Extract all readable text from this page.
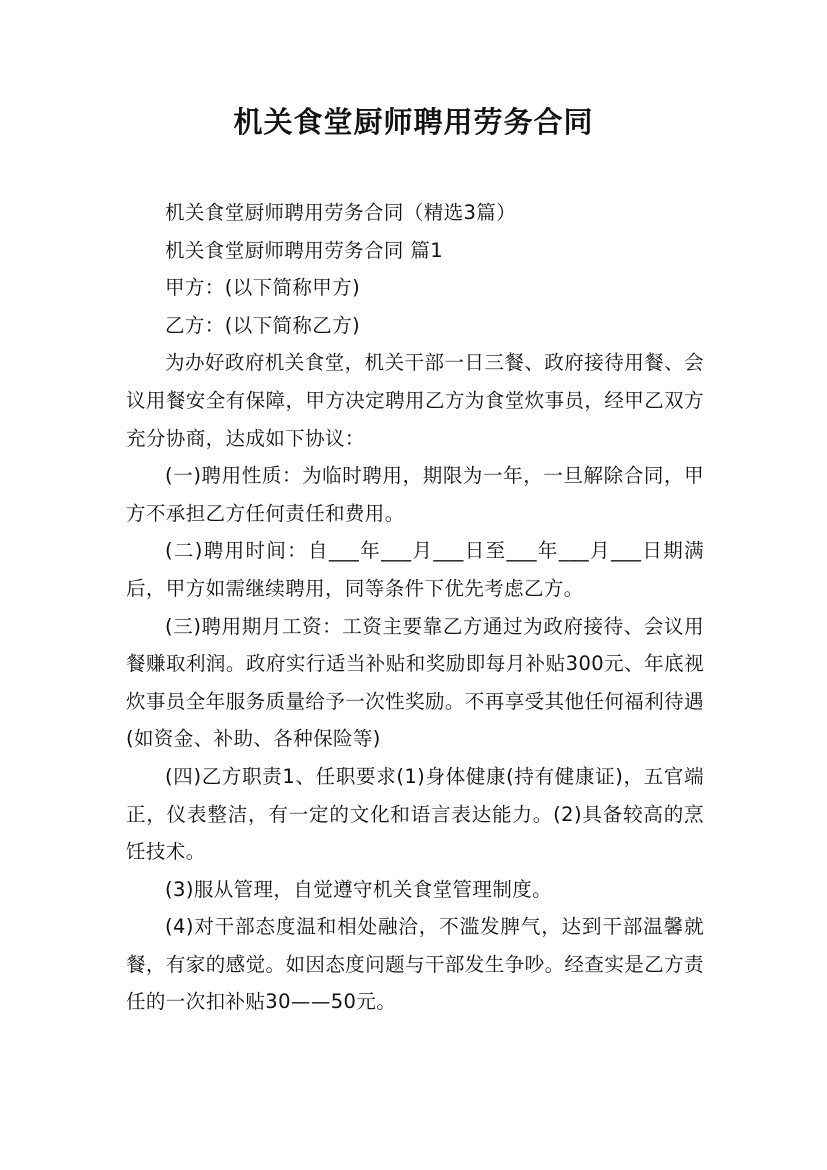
机关食堂厨师聘用劳务合同

机关食堂厨师聘用劳务合同（精选3篇）

机关食堂厨师聘用劳务合同 篇1

甲方：(以下简称甲方)

乙方：(以下简称乙方)

为办好政府机关食堂，机关干部一日三餐、政府接待用餐、会议用餐安全有保障，甲方决定聘用乙方为食堂炊事员，经甲乙双方充分协商，达成如下协议：

(一)聘用性质：为临时聘用，期限为一年，一旦解除合同，甲方不承担乙方任何责任和费用。

(二)聘用时间：自___年___月___日至___年___月___日期满后，甲方如需继续聘用，同等条件下优先考虑乙方。

(三)聘用期月工资：工资主要靠乙方通过为政府接待、会议用餐赚取利润。政府实行适当补贴和奖励即每月补贴300元、年底视炊事员全年服务质量给予一次性奖励。不再享受其他任何福利待遇(如资金、补助、各种保险等)

(四)乙方职责1、任职要求(1)身体健康(持有健康证)，五官端正，仪表整洁，有一定的文化和语言表达能力。(2)具备较高的烹饪技术。

(3)服从管理，自觉遵守机关食堂管理制度。

(4)对干部态度温和相处融洽，不滥发脾气，达到干部温馨就餐，有家的感觉。如因态度问题与干部发生争吵。经查实是乙方责任的一次扣补贴30——50元。
